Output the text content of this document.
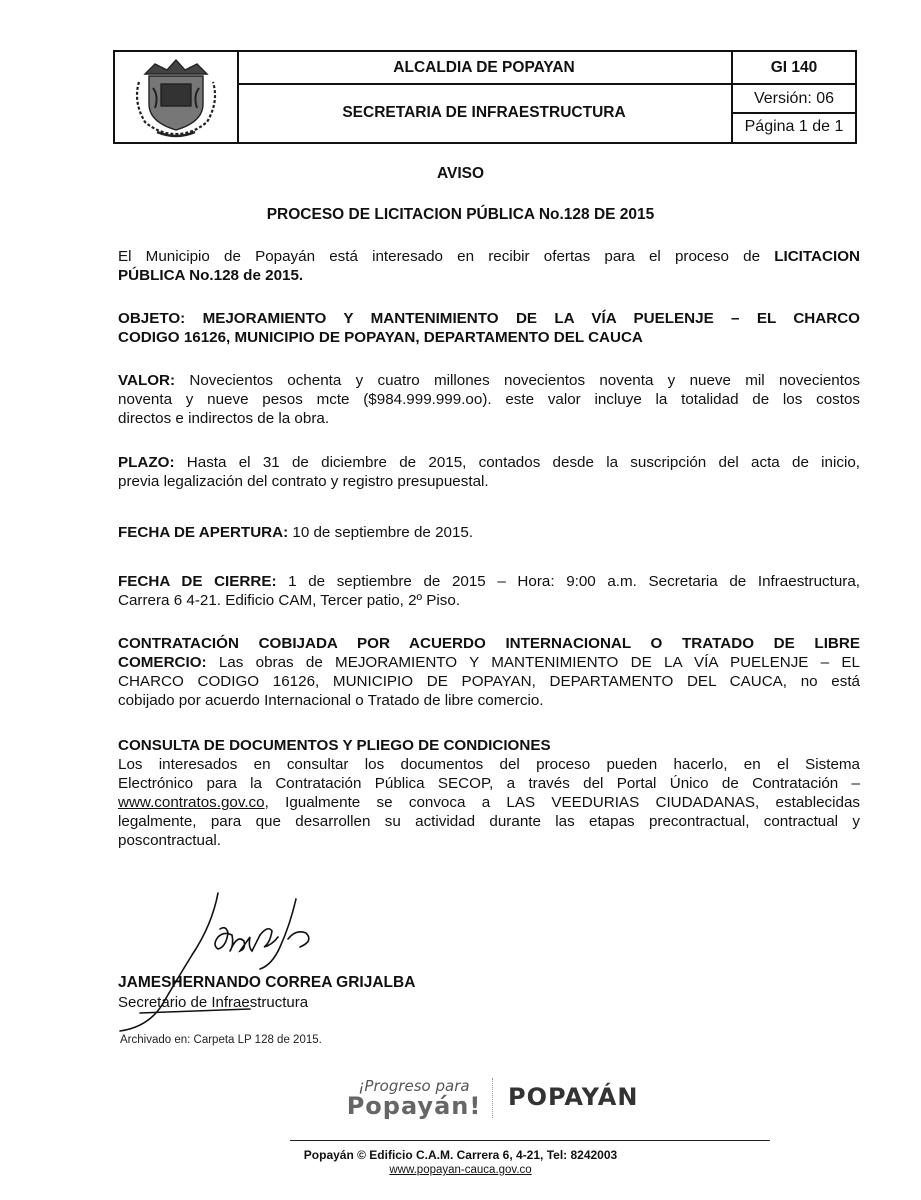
ALCALDIA DE POPAYAN
SECRETARIA DE INFRAESTRUCTURA
GI 140
Versión: 06
Página 1 de 1
AVISO
PROCESO DE LICITACION PÚBLICA No.128 DE 2015
El Municipio de Popayán está interesado en recibir ofertas para el proceso de LICITACION
PÚBLICA No.128 de 2015.
OBJETO: MEJORAMIENTO Y MANTENIMIENTO DE LA VÍA PUELENJE – EL CHARCO
CODIGO 16126, MUNICIPIO DE POPAYAN, DEPARTAMENTO DEL CAUCA
VALOR: Novecientos ochenta y cuatro millones novecientos noventa y nueve mil novecientos
noventa y nueve pesos mcte ($984.999.999.oo). este valor incluye la totalidad de los costos
directos e indirectos de la obra.
PLAZO: Hasta el 31 de diciembre de 2015, contados desde la suscripción del acta de inicio,
previa legalización del contrato y registro presupuestal.
FECHA DE APERTURA: 10 de septiembre de 2015.
FECHA DE CIERRE: 1 de septiembre de 2015 – Hora: 9:00 a.m. Secretaria de Infraestructura,
Carrera 6 4-21. Edificio CAM, Tercer patio, 2º Piso.
CONTRATACIÓN COBIJADA POR ACUERDO INTERNACIONAL O TRATADO DE LIBRE
COMERCIO: Las obras de MEJORAMIENTO Y MANTENIMIENTO DE LA VÍA PUELENJE – EL
CHARCO CODIGO 16126, MUNICIPIO DE POPAYAN, DEPARTAMENTO DEL CAUCA, no está
cobijado por acuerdo Internacional o Tratado de libre comercio.
CONSULTA DE DOCUMENTOS Y PLIEGO DE CONDICIONES
Los interesados en consultar los documentos del proceso pueden hacerlo, en el Sistema
Electrónico para la Contratación Pública SECOP, a través del Portal Único de Contratación –
www.contratos.gov.co, Igualmente se convoca a LAS VEEDURIAS CIUDADANAS, establecidas
legalmente, para que desarrollen su actividad durante las etapas precontractual, contractual y
poscontractual.
JAMESHERNANDO CORREA GRIJALBA
Secretario de Infraestructura
Archivado en: Carpeta LP 128 de 2015.
¡Progreso para
Popayán! POPAYÁN
Popayán © Edificio C.A.M. Carrera 6, 4-21, Tel: 8242003
www.popayan-cauca.gov.co
